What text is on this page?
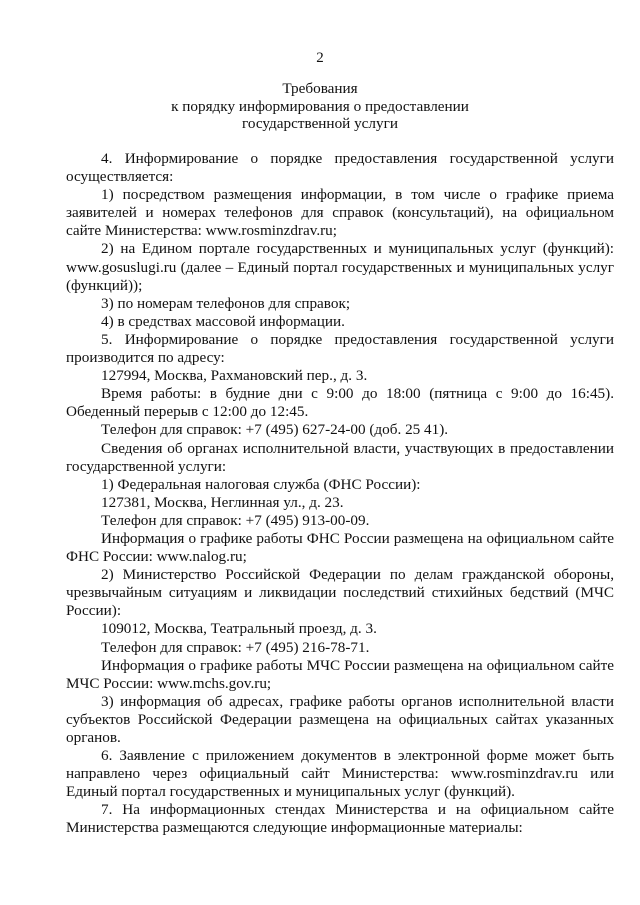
2
Требования
к порядку информирования о предоставлении
государственной услуги

4. Информирование о порядке предоставления государственной услуги осуществляется:

1) посредством размещения информации, в том числе о графике приема заявителей и номерах телефонов для справок (консультаций), на официальном сайте Министерства: www.rosminzdrav.ru;

2) на Едином портале государственных и муниципальных услуг (функций): www.gosuslugi.ru (далее – Единый портал государственных и муниципальных услуг (функций));

3) по номерам телефонов для справок;

4) в средствах массовой информации.

5. Информирование о порядке предоставления государственной услуги производится по адресу:

127994, Москва, Рахмановский пер., д. 3.

Время работы: в будние дни с 9:00 до 18:00 (пятница с 9:00 до 16:45). Обеденный перерыв с 12:00 до 12:45.

Телефон для справок: +7 (495) 627-24-00 (доб. 25 41).

Сведения об органах исполнительной власти, участвующих в предоставлении государственной услуги:

1) Федеральная налоговая служба (ФНС России):

127381, Москва, Неглинная ул., д. 23.

Телефон для справок: +7 (495) 913-00-09.

Информация о графике работы ФНС России размещена на официальном сайте ФНС России: www.nalog.ru;

2) Министерство Российской Федерации по делам гражданской обороны, чрезвычайным ситуациям и ликвидации последствий стихийных бедствий (МЧС России):

109012, Москва, Театральный проезд, д. 3.

Телефон для справок: +7 (495) 216-78-71.

Информация о графике работы МЧС России размещена на официальном сайте МЧС России: www.mchs.gov.ru;

3) информация об адресах, графике работы органов исполнительной власти субъектов Российской Федерации размещена на официальных сайтах указанных органов.

6. Заявление с приложением документов в электронной форме может быть направлено через официальный сайт Министерства: www.rosminzdrav.ru или Единый портал государственных и муниципальных услуг (функций).

7. На информационных стендах Министерства и на официальном сайте Министерства размещаются следующие информационные материалы:
